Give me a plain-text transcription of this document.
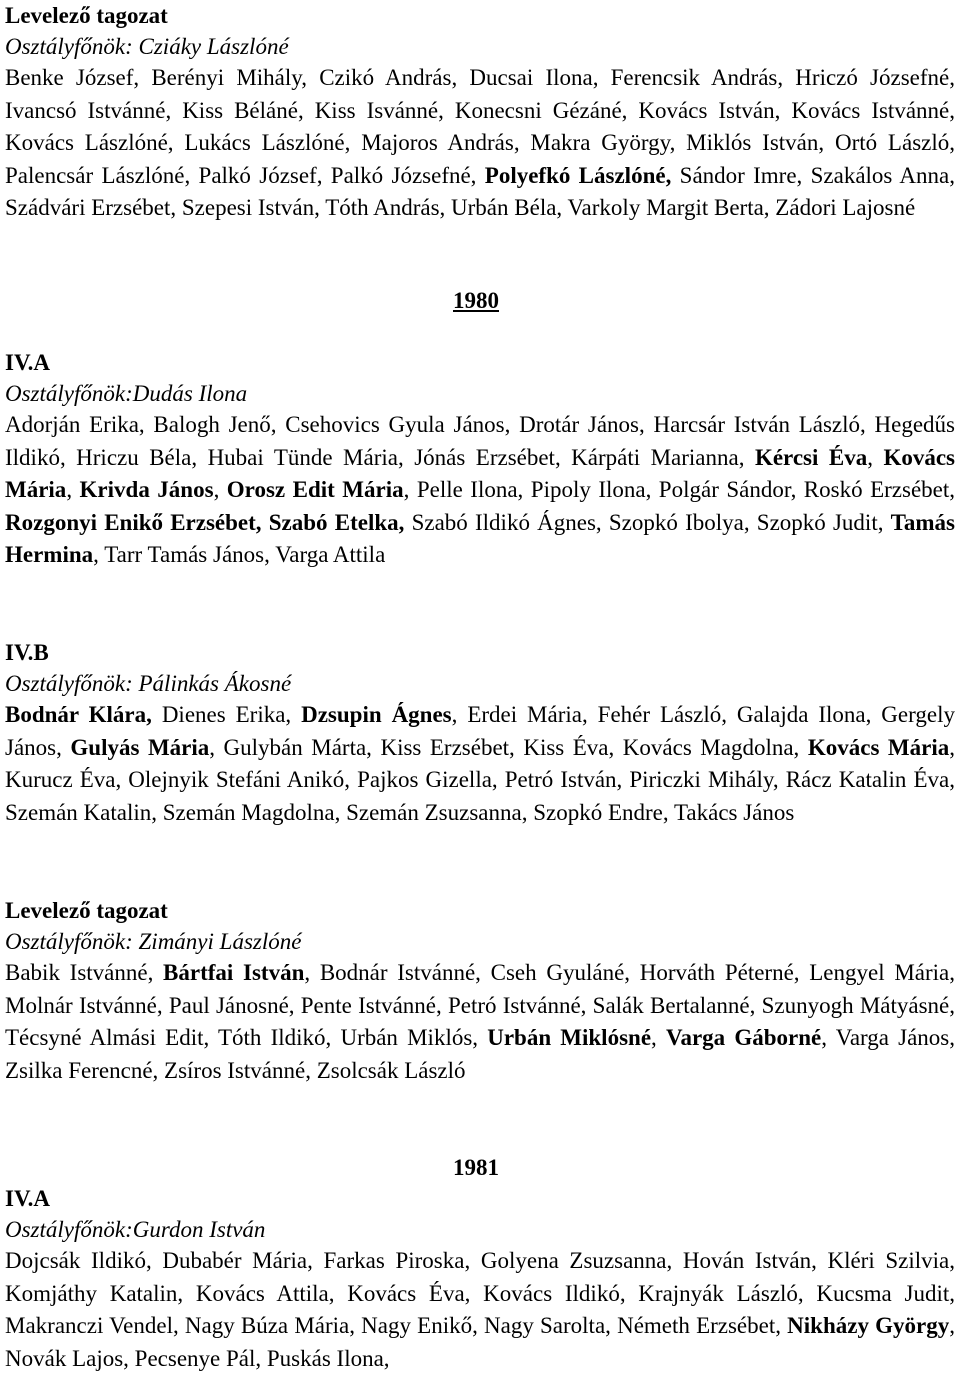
Levelező tagozat
Osztályfőnök: Cziáky Lászlóné
Benke József, Berényi Mihály, Czikó András, Ducsai Ilona, Ferencsik András, Hriczó Józsefné, Ivancsó Istvánné, Kiss Béláné, Kiss Isvánné, Konecsni Gézáné, Kovács István, Kovács Istvánné, Kovács Lászlóné, Lukács Lászlóné, Majoros András, Makra György, Miklós István, Ortó László, Palencsár Lászlóné, Palkó József, Palkó Józsefné, Polyefkó Lászlóné, Sándor Imre, Szakálos Anna, Szádvári Erzsébet, Szepesi István, Tóth András, Urbán Béla, Varkoly Margit Berta, Zádori Lajosné
1980
IV.A
Osztályfőnök:Dudás Ilona
Adorján Erika, Balogh Jenő, Csehovics Gyula János, Drotár János, Harcsár István László, Hegedűs Ildikó, Hriczu Béla, Hubai Tünde Mária, Jónás Erzsébet, Kárpáti Marianna, Kércsi Éva, Kovács Mária, Krivda János, Orosz Edit Mária, Pelle Ilona, Pipoly Ilona, Polgár Sándor, Roskó Erzsébet, Rozgonyi Enikő Erzsébet, Szabó Etelka, Szabó Ildikó Ágnes, Szopkó Ibolya, Szopkó Judit, Tamás Hermina, Tarr Tamás János, Varga Attila
IV.B
Osztályfőnök: Pálinkás Ákosné
Bodnár Klára, Dienes Erika, Dzsupin Ágnes, Erdei Mária, Fehér László, Galajda Ilona, Gergely János, Gulyás Mária, Gulybán Márta, Kiss Erzsébet, Kiss Éva, Kovács Magdolna, Kovács Mária, Kurucz Éva, Olejnyik Stefáni Anikó, Pajkos Gizella, Petró István, Piriczki Mihály, Rácz Katalin Éva, Szemán Katalin, Szemán Magdolna, Szemán Zsuzsanna, Szopkó Endre, Takács János
Levelező tagozat
Osztályfőnök: Zimányi Lászlóné
Babik Istvánné, Bártfai István, Bodnár Istvánné, Cseh Gyuláné, Horváth Péterné, Lengyel Mária, Molnár Istvánné, Paul Jánosné, Pente Istvánné, Petró Istvánné, Salák Bertalanné, Szunyogh Mátyásné, Técsyné Almási Edit, Tóth Ildikó, Urbán Miklós, Urbán Miklósné, Varga Gáborné, Varga János, Zsilka Ferencné, Zsíros Istvánné, Zsolcsák László
1981
IV.A
Osztályfőnök:Gurdon István
Dojcsák Ildikó, Dubabér Mária, Farkas Piroska, Golyena Zsuzsanna, Hován István, Kléri Szilvia, Komjáthy Katalin, Kovács Attila, Kovács Éva, Kovács Ildikó, Krajnyák László, Kucsma Judit, Makranczi Vendel, Nagy Búza Mária, Nagy Enikő, Nagy Sarolta, Németh Erzsébet, Nikházy György, Novák Lajos, Pecsenye Pál, Puskás Ilona,
